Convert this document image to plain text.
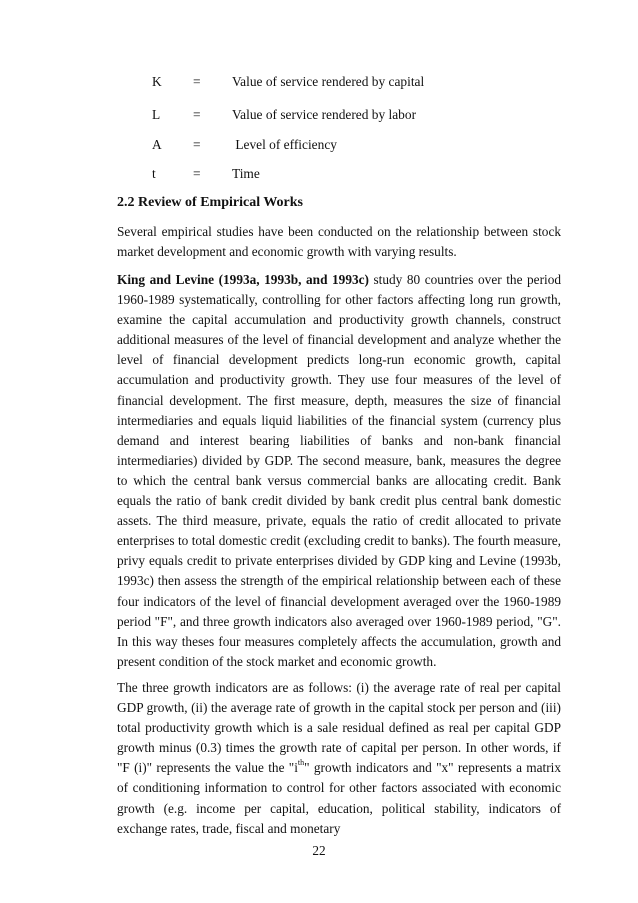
K = Value of service rendered by capital
L = Value of service rendered by labor
A = Level of efficiency
t	= Time
2.2 Review of Empirical Works

Several empirical studies have been conducted on the relationship between stock market development and economic growth with varying results.

King and Levine (1993a, 1993b, and 1993c) study 80 countries over the period 1960-1989 systematically, controlling for other factors affecting long run growth, examine the capital accumulation and productivity growth channels, construct additional measures of the level of financial development and analyze whether the level of financial development predicts long-run economic growth, capital accumulation and productivity growth. They use four measures of the level of financial development. The first measure, depth, measures the size of financial intermediaries and equals liquid liabilities of the financial system (currency plus demand and interest bearing liabilities of banks and non-bank financial intermediaries) divided by GDP. The second measure, bank, measures the degree to which the central bank versus commercial banks are allocating credit. Bank equals the ratio of bank credit divided by bank credit plus central bank domestic assets. The third measure, private, equals the ratio of credit allocated to private enterprises to total domestic credit (excluding credit to banks). The fourth measure, privy equals credit to private enterprises divided by GDP king and Levine (1993b, 1993c) then assess the strength of the empirical relationship between each of these four indicators of the level of financial development averaged over the 1960-1989 period "F", and three growth indicators also averaged over 1960-1989 period, "G". In this way theses four measures completely affects the accumulation, growth and present condition of the stock market and economic growth.

The three growth indicators are as follows: (i) the average rate of real per capital GDP growth, (ii) the average rate of growth in the capital stock per person and (iii) total productivity growth which is a sale residual defined as real per capital GDP growth minus (0.3) times the growth rate of capital per person. In other words, if "F (i)" represents the value the "$i^{th}$" growth indicators and "x" represents a matrix of conditioning information to control for other factors associated with economic growth (e.g. income per capital, education, political stability, indicators of exchange rates, trade, fiscal and monetary

22
